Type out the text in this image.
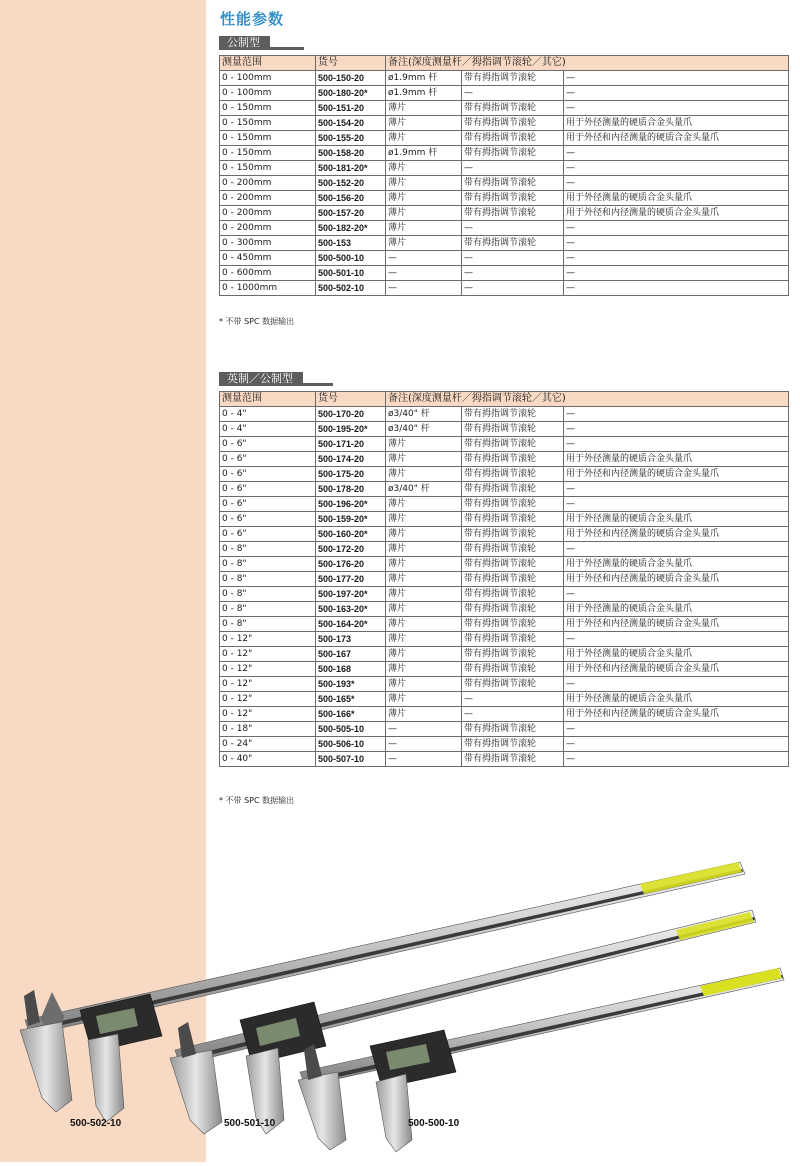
性能参数
公制型
测量范围	货号	备注(深度测量杆／拇指调节滚轮／其它)		
0 - 100mm	500-150-20	ø1.9mm 杆	带有拇指调节滚轮	—
0 - 100mm	500-180-20*	ø1.9mm 杆	—	—
0 - 150mm	500-151-20	薄片	带有拇指调节滚轮	—
0 - 150mm	500-154-20	薄片	带有拇指调节滚轮	用于外径测量的硬质合金头量爪
0 - 150mm	500-155-20	薄片	带有拇指调节滚轮	用于外径和内径测量的硬质合金头量爪
0 - 150mm	500-158-20	ø1.9mm 杆	带有拇指调节滚轮	—
0 - 150mm	500-181-20*	薄片	—	—
0 - 200mm	500-152-20	薄片	带有拇指调节滚轮	—
0 - 200mm	500-156-20	薄片	带有拇指调节滚轮	用于外径测量的硬质合金头量爪
0 - 200mm	500-157-20	薄片	带有拇指调节滚轮	用于外径和内径测量的硬质合金头量爪
0 - 200mm	500-182-20*	薄片	—	—
0 - 300mm	500-153	薄片	带有拇指调节滚轮	—
0 - 450mm	500-500-10	—	—	—
0 - 600mm	500-501-10	—	—	—
0 - 1000mm	500-502-10	—	—	—
* 不带 SPC 数据输出
英制／公制型
测量范围	货号	备注(深度测量杆／拇指调节滚轮／其它)		
0 - 4"	500-170-20	ø3/40" 杆	带有拇指调节滚轮	—
0 - 4"	500-195-20*	ø3/40" 杆	带有拇指调节滚轮	—
0 - 6"	500-171-20	薄片	带有拇指调节滚轮	—
0 - 6"	500-174-20	薄片	带有拇指调节滚轮	用于外径测量的硬质合金头量爪
0 - 6"	500-175-20	薄片	带有拇指调节滚轮	用于外径和内径测量的硬质合金头量爪
0 - 6"	500-178-20	ø3/40" 杆	带有拇指调节滚轮	—
0 - 6"	500-196-20*	薄片	带有拇指调节滚轮	—
0 - 6"	500-159-20*	薄片	带有拇指调节滚轮	用于外径测量的硬质合金头量爪
0 - 6"	500-160-20*	薄片	带有拇指调节滚轮	用于外径和内径测量的硬质合金头量爪
0 - 8"	500-172-20	薄片	带有拇指调节滚轮	—
0 - 8"	500-176-20	薄片	带有拇指调节滚轮	用于外径测量的硬质合金头量爪
0 - 8"	500-177-20	薄片	带有拇指调节滚轮	用于外径和内径测量的硬质合金头量爪
0 - 8"	500-197-20*	薄片	带有拇指调节滚轮	—
0 - 8"	500-163-20*	薄片	带有拇指调节滚轮	用于外径测量的硬质合金头量爪
0 - 8"	500-164-20*	薄片	带有拇指调节滚轮	用于外径和内径测量的硬质合金头量爪
0 - 12"	500-173	薄片	带有拇指调节滚轮	—
0 - 12"	500-167	薄片	带有拇指调节滚轮	用于外径测量的硬质合金头量爪
0 - 12"	500-168	薄片	带有拇指调节滚轮	用于外径和内径测量的硬质合金头量爪
0 - 12"	500-193*	薄片	带有拇指调节滚轮	—
0 - 12"	500-165*	薄片	—	用于外径测量的硬质合金头量爪
0 - 12"	500-166*	薄片	—	用于外径和内径测量的硬质合金头量爪
0 - 18"	500-505-10	—	带有拇指调节滚轮	—
0 - 24"	500-506-10	—	带有拇指调节滚轮	—
0 - 40"	500-507-10	—	带有拇指调节滚轮	—
* 不带 SPC 数据输出
500-502-10	500-501-10	500-500-10
